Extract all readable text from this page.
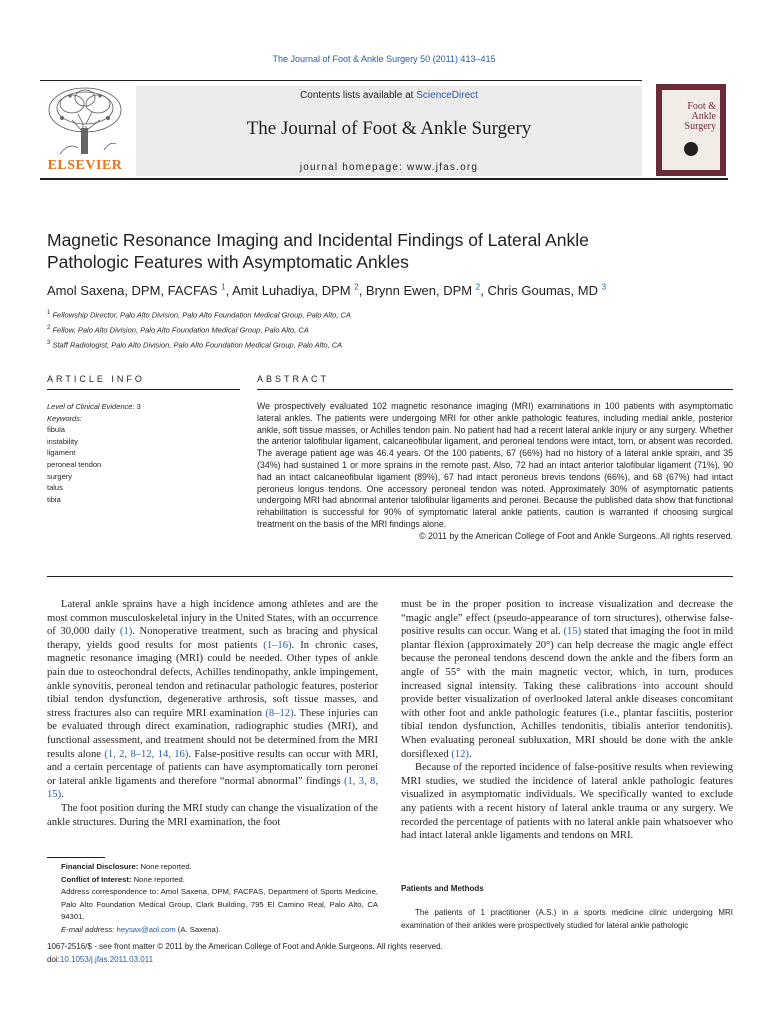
The Journal of Foot & Ankle Surgery 50 (2011) 413–415
ELSEVIER
Contents lists available at ScienceDirect
The Journal of Foot & Ankle Surgery
journal homepage: www.jfas.org
Foot &
Ankle
Surgery
Magnetic Resonance Imaging and Incidental Findings of Lateral Ankle
Pathologic Features with Asymptomatic Ankles
Amol Saxena, DPM, FACFAS $^1$, Amit Luhadiya, DPM $^2$, Brynn Ewen, DPM $^2$, Chris Goumas, MD $^3$
$^1$ Fellowship Director, Palo Alto Division, Palo Alto Foundation Medical Group, Palo Alto, CA
$^2$ Fellow, Palo Alto Division, Palo Alto Foundation Medical Group, Palo Alto, CA
$^3$ Staff Radiologist, Palo Alto Division, Palo Alto Foundation Medical Group, Palo Alto, CA
ARTICLE INFO	ABSTRACT
Level of Clinical Evidence: 3
Keywords:
fibula
instability
ligament
peroneal tendon
surgery
talus
tibia
We prospectively evaluated 102 magnetic resonance imaging (MRI) examinations in 100 patients with asymptomatic lateral ankles. The patients were undergoing MRI for other ankle pathologic features, including medial ankle, posterior ankle, soft tissue masses, or Achilles tendon pain. No patient had had a recent lateral ankle injury or any surgery. Whether the anterior talofibular ligament, calcaneofibular ligament, and peroneal tendons were intact, torn, or absent was recorded. The average patient age was 46.4 years. Of the 100 patients, 67 (66%) had no history of a lateral ankle sprain, and 35 (34%) had sustained 1 or more sprains in the remote past. Also, 72 had an intact anterior talofibular ligament (71%), 90 had an intact calcaneofibular ligament (89%), 67 had intact peroneus brevis tendons (66%), and 68 (67%) had intact peroneus longus tendons. One accessory peroneal tendon was noted. Approximately 30% of asymptomatic patients undergoing MRI had abnormal anterior talofibular ligaments and peronei. Because the published data show that functional rehabilitation is successful for 90% of symptomatic lateral ankle patients, caution is warranted if choosing surgical treatment on the basis of the MRI findings alone.
© 2011 by the American College of Foot and Ankle Surgeons. All rights reserved.

Lateral ankle sprains have a high incidence among athletes and are the most common musculoskeletal injury in the United States, with an occurrence of 30,000 daily (1). Nonoperative treatment, such as bracing and physical therapy, yields good results for most patients (1–16). In chronic cases, magnetic resonance imaging (MRI) could be needed. Other types of ankle pain due to osteochondral defects, Achilles tendinopathy, ankle impingement, ankle synovitis, peroneal tendon and retinacular pathologic features, posterior tibial tendon dysfunction, degenerative arthrosis, soft tissue masses, and stress fractures also can require MRI examination (8–12). These injuries can be evaluated through direct examination, radiographic studies (MRI), and functional assessment, and treatment should not be determined from the MRI results alone (1, 2, 8–12, 14, 16). False-positive results can occur with MRI, and a certain percentage of patients can have asymptomatically torn peronei or lateral ankle ligaments and therefore “normal abnormal” findings (1, 3, 8, 15).

The foot position during the MRI study can change the visualization of the ankle structures. During the MRI examination, the foot

must be in the proper position to increase visualization and decrease the “magic angle” effect (pseudo-appearance of torn structures), otherwise false-positive results can occur. Wang et al. (15) stated that imaging the foot in mild plantar flexion (approximately 20°) can help decrease the magic angle effect because the peroneal tendons descend down the ankle and the fibers form an angle of 55° with the main magnetic vector, which, in turn, produces increased signal intensity. Taking these calibrations into account should provide better visualization of overlooked lateral ankle diseases concomitant with other foot and ankle pathologic features (i.e., plantar fasciitis, posterior tibial tendon dysfunction, Achilles tendonitis, tibialis anterior tendonitis). When evaluating peroneal subluxation, MRI should be done with the ankle dorsiflexed (12).

Because of the reported incidence of false-positive results when reviewing MRI studies, we studied the incidence of lateral ankle pathologic features visualized in asymptomatic individuals. We specifically wanted to exclude any patients with a recent history of lateral ankle trauma or any surgery. We recorded the percentage of patients with no lateral ankle pain whatsoever who had intact lateral ankle ligaments and tendons on MRI.

Patients and Methods
The patients of 1 practitioner (A.S.) in a sports medicine clinic undergoing MRI examination of their ankles were prospectively studied for lateral ankle pathologic
Financial Disclosure: None reported.
Conflict of Interest: None reported.
Address correspondence to: Amol Saxena, DPM, FACFAS, Department of Sports Medicine, Palo Alto Foundation Medical Group, Clark Building, 795 El Camino Real, Palo Alto, CA 94301.
E-mail address: heysax@aol.com (A. Saxena).
1067-2516/$ - see front matter © 2011 by the American College of Foot and Ankle Surgeons. All rights reserved.
doi:10.1053/j.jfas.2011.03.011
